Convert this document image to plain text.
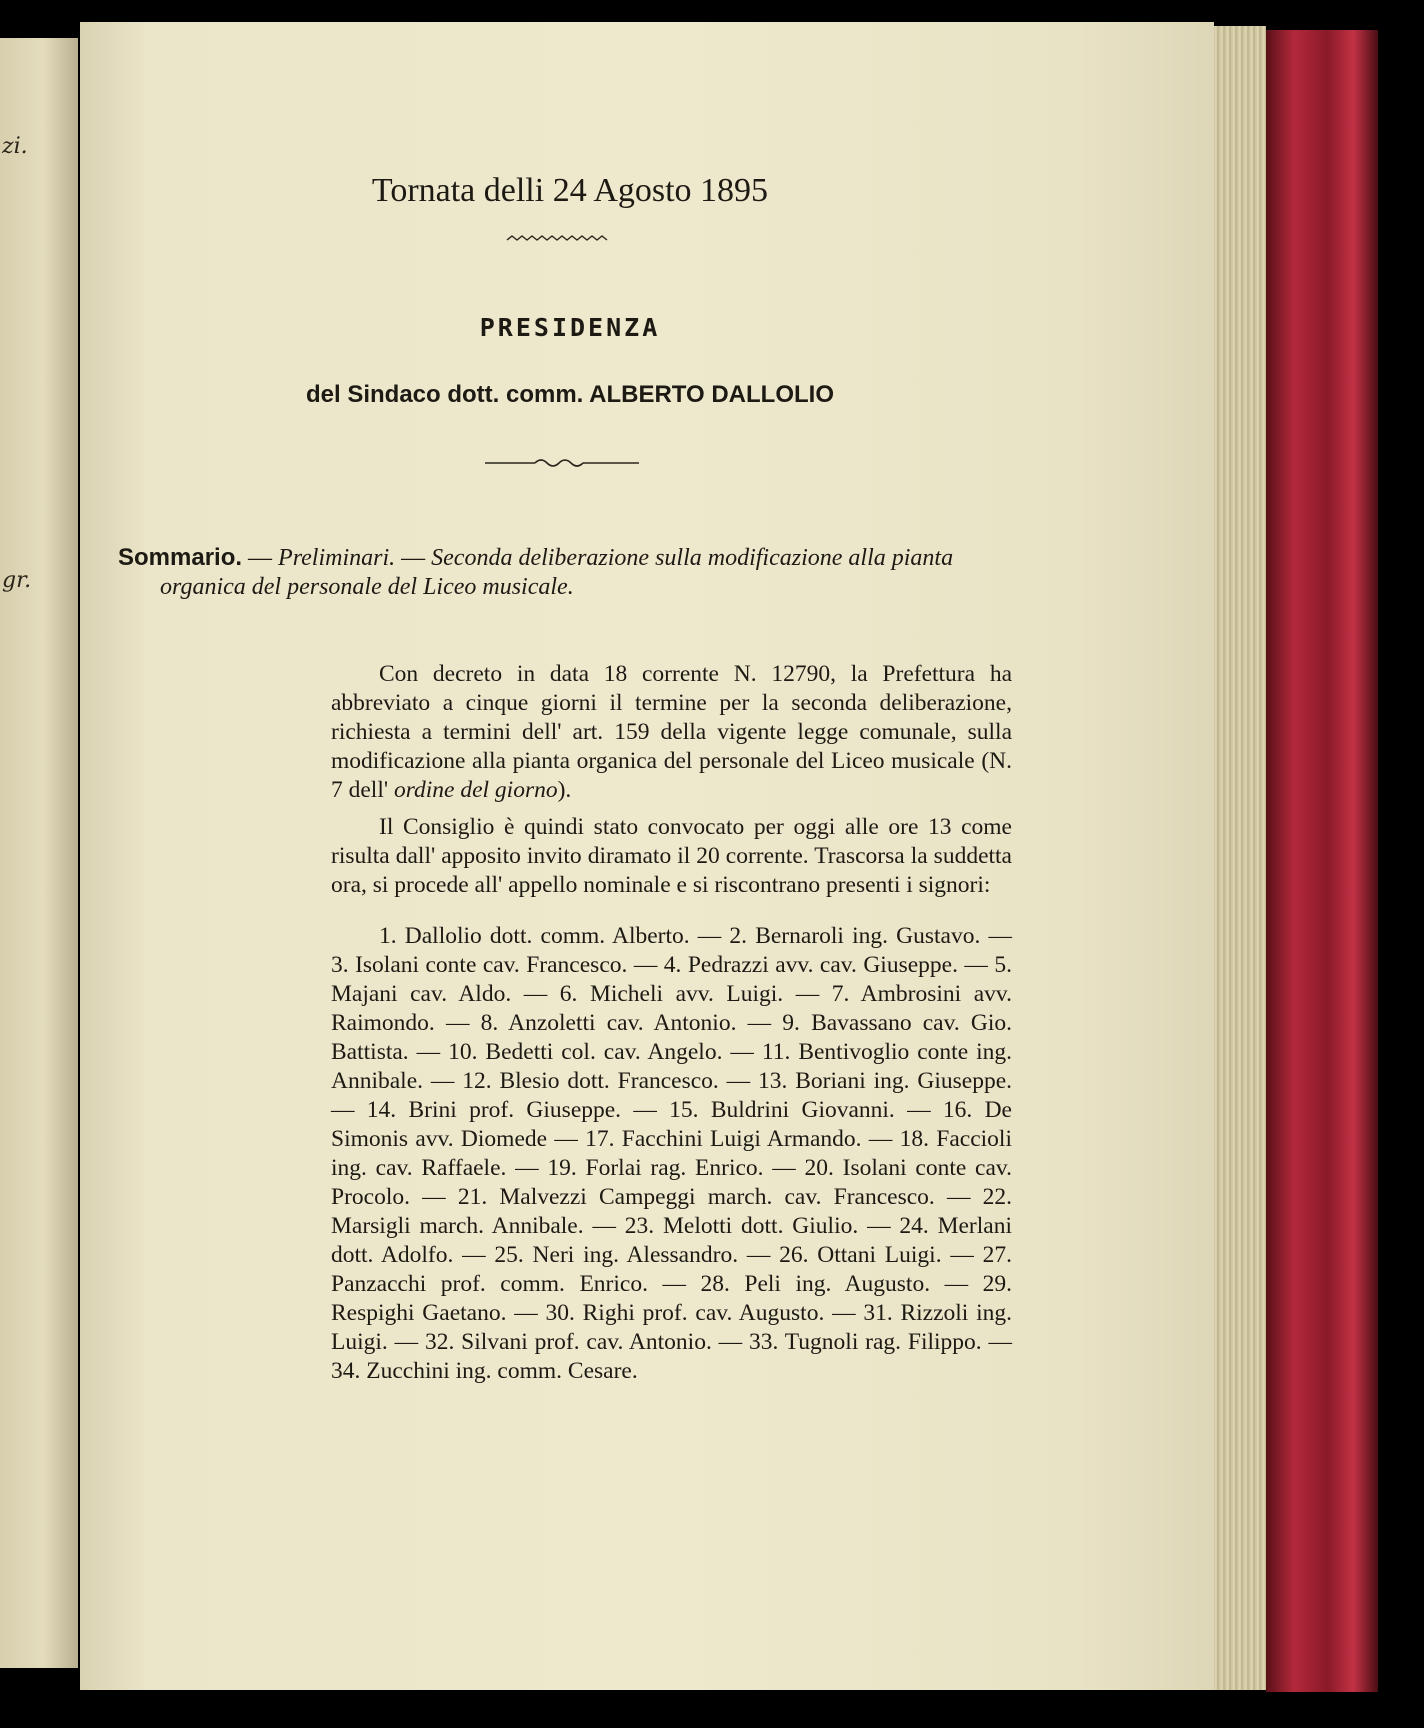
zi.
gr.
Tornata delli 24 Agosto 1895
PRESIDENZA
del Sindaco dott. comm. ALBERTO DALLOLIO
Sommario. — Preliminari. — Seconda deliberazione sulla modificazione alla pianta
organica del personale del Liceo musicale.

Con decreto in data 18 corrente N. 12790, la Prefettura ha abbreviato a cinque giorni il termine per la seconda deliberazione, richiesta a termini dell' art. 159 della vigente legge comunale, sulla modificazione alla pianta organica del personale del Liceo musicale (N. 7 dell' ordine del giorno).

Il Consiglio è quindi stato convocato per oggi alle ore 13 come risulta dall' apposito invito diramato il 20 corrente. Trascorsa la suddetta ora, si procede all' appello nominale e si riscontrano presenti i signori:

1. Dallolio dott. comm. Alberto. — 2. Bernaroli ing. Gustavo. — 3. Isolani conte cav. Francesco. — 4. Pedrazzi avv. cav. Giuseppe. — 5. Majani cav. Aldo. — 6. Micheli avv. Luigi. — 7. Ambrosini avv. Raimondo. — 8. Anzoletti cav. Antonio. — 9. Bavassano cav. Gio. Battista. — 10. Bedetti col. cav. Angelo. — 11. Bentivoglio conte ing. Annibale. — 12. Blesio dott. Francesco. — 13. Boriani ing. Giuseppe. — 14. Brini prof. Giuseppe. — 15. Buldrini Giovanni. — 16. De Simonis avv. Diomede — 17. Facchini Luigi Armando. — 18. Faccioli ing. cav. Raffaele. — 19. Forlai rag. Enrico. — 20. Isolani conte cav. Procolo. — 21. Malvezzi Campeggi march. cav. Francesco. — 22. Marsigli march. Annibale. — 23. Melotti dott. Giulio. — 24. Merlani dott. Adolfo. — 25. Neri ing. Alessandro. — 26. Ottani Luigi. — 27. Panzacchi prof. comm. Enrico. — 28. Peli ing. Augusto. — 29. Respighi Gaetano. — 30. Righi prof. cav. Augusto. — 31. Rizzoli ing. Luigi. — 32. Silvani prof. cav. Antonio. — 33. Tugnoli rag. Filippo. — 34. Zucchini ing. comm. Cesare.
